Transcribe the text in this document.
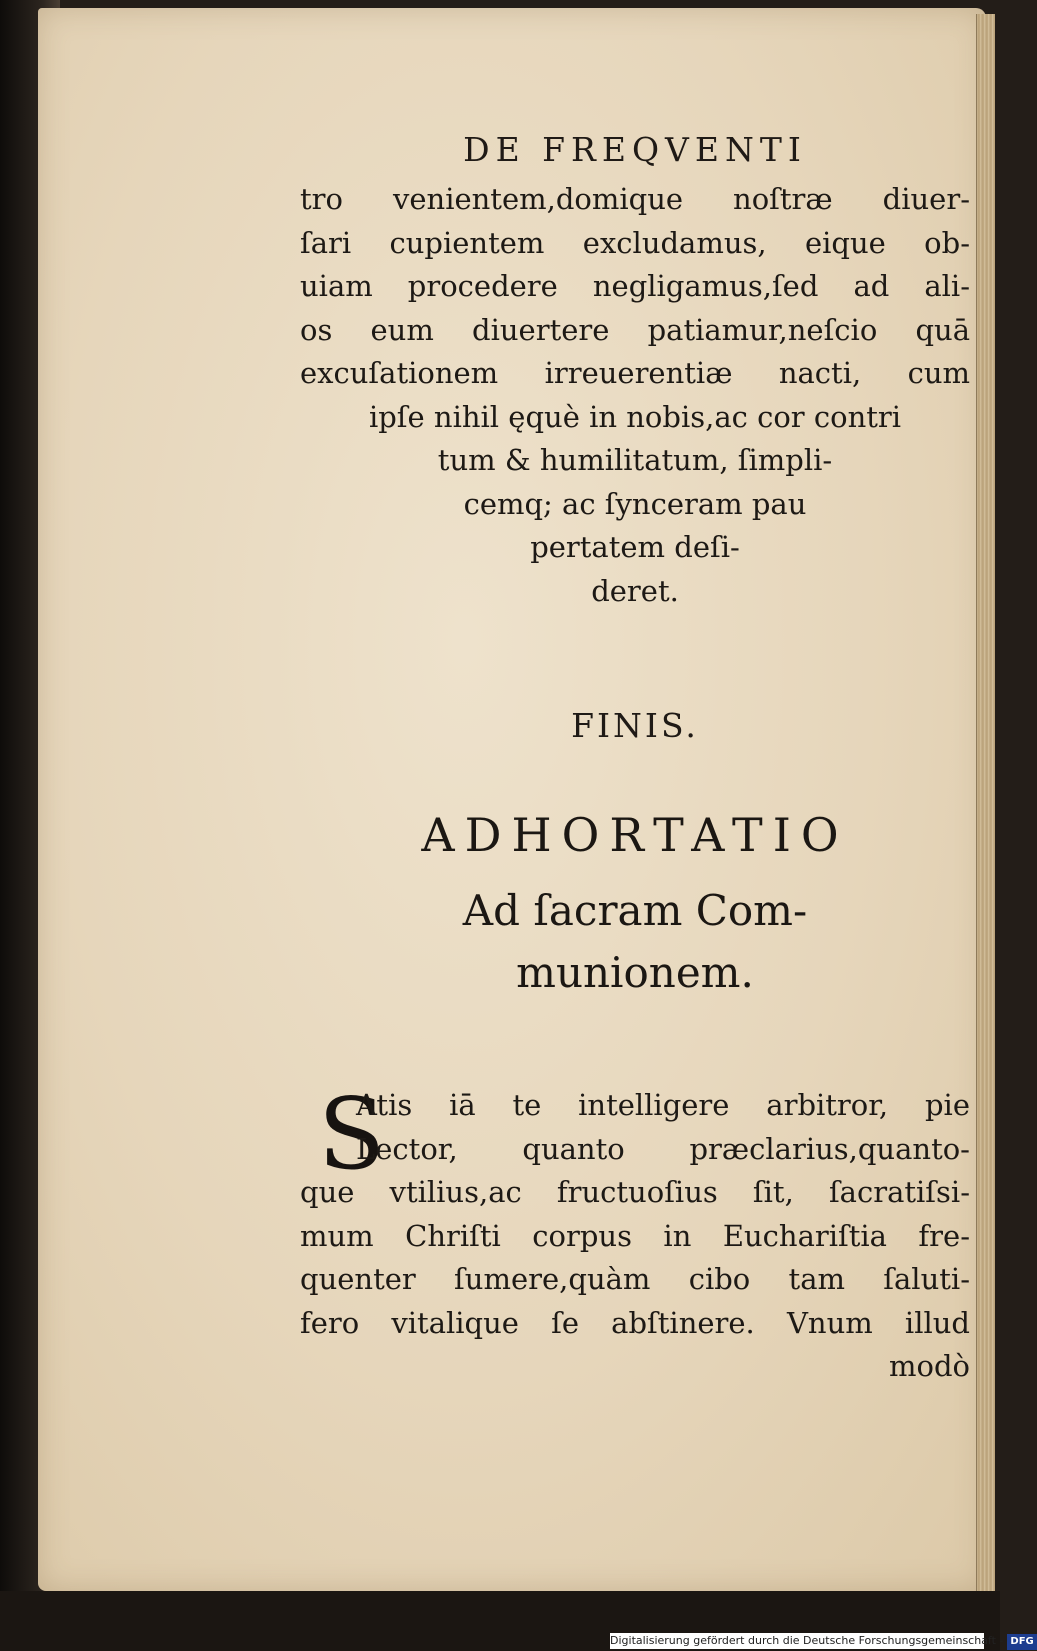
DE FREQVENTI
tro venientem,domique noſtræ diuer-
ſari cupientem excludamus, eique ob-
uiam procedere negligamus,ſed ad ali-
os eum diuertere patiamur,neſcio quā
excuſationem irreuerentiæ nacti, cum
ipſe nihil ęquè in nobis,ac cor contri
tum & humilitatum, ſimpli-
cemq; ac ſynceram pau
pertatem deſi-
deret.
FINIS.
ADHORTATIO
Ad ſacram Com-
munionem.
S
Atis iā te intelligere arbitror, pie
Lector, quanto præclarius,quanto-
que vtilius,ac fructuoſius ſit, ſacratiſsi-
mum Chriſti corpus in Euchariſtia fre-
quenter ſumere,quàm cibo tam ſaluti-
fero vitalique ſe abſtinere. Vnum illud
modò
Digitalisierung gefördert durch die Deutsche Forschungsgemeinschaft - DFG
